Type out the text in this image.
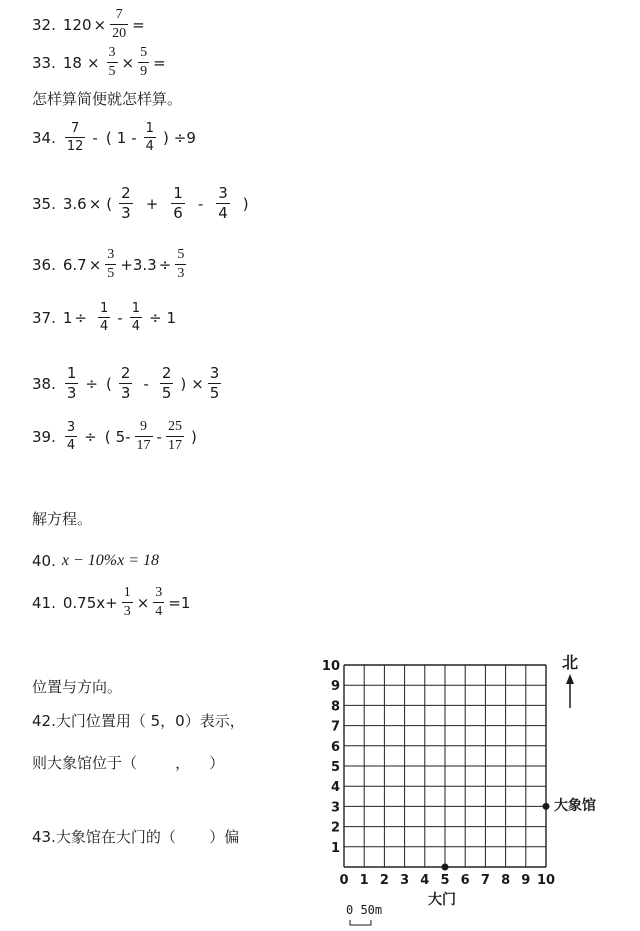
32. $120 \times \frac{7}{20}$ =
33. $18 \times \frac{3}{5} \times \frac{5}{9}$ =
怎样算简便就怎样算。
34. $\frac{7}{12}$ - ( $1 - \frac{1}{4}$ ) ÷9
35. 3.6 × ( $\frac{2}{3} + \frac{1}{6} - \frac{3}{4}$ )
36. $6.7 \times \frac{3}{5} +3.3 \div \frac{5}{3}$
37. $1 \div \frac{1}{4} - \frac{1}{4} \div 1$
38. $\frac{1}{3}$ ÷ ( $\frac{2}{3} - \frac{2}{5}$ ) × $\frac{3}{5}$
39. $\frac{3}{4}$ ÷ ( $5- \frac{9}{17} - \frac{25}{17}$ )
解方程。
40. x − 10%x = 18
41. $0.75x+ \frac{1}{3} \times \frac{3}{4} =1$
位置与方向。
42.大门位置用（ 5，0）表示，
则大象馆位于（        ，    ）
43.大象馆在大门的（       ）偏
0 1 2 3 4 5 6 7 8 9 10
1
2
3
4
5
6
7
8
9
10
大象馆
大门
北
0 50m
